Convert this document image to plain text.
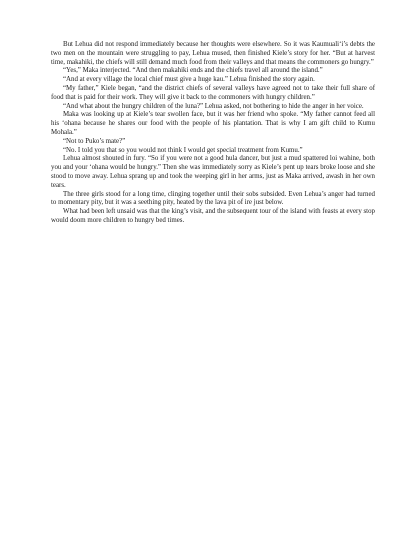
But Lehua did not respond immediately because her thoughts were elsewhere. So it was Kaumuali‘i’s debts the two men on the mountain were struggling to pay, Lehua mused, then finished Kiele’s story for her. “But at harvest time, makahiki, the chiefs will still demand much food from their valleys and that means the commoners go hungry.”

“Yes,” Maka interjected. “And then makahiki ends and the chiefs travel all around the island.”

“And at every village the local chief must give a huge kau.” Lehua finished the story again.

“My father,” Kiele began, “and the district chiefs of several valleys have agreed not to take their full share of food that is paid for their work. They will give it back to the commoners with hungry children.”

“And what about the hungry children of the luna?” Lehua asked, not bothering to hide the anger in her voice.

Maka was looking up at Kiele’s tear swollen face, but it was her friend who spoke. “My father cannot feed all his ‘ohana because he shares our food with the people of his plantation. That is why I am gift child to Kumu Mohala.”

“Not to Puko’s mate?”

“No. I told you that so you would not think I would get special treatment from Kumu.”

Lehua almost shouted in fury. “So if you were not a good hula dancer, but just a mud spattered loi wahine, both you and your ‘ohana would be hungry.” Then she was immediately sorry as Kiele’s pent up tears broke loose and she stood to move away. Lehua sprang up and took the weeping girl in her arms, just as Maka arrived, awash in her own tears.

The three girls stood for a long time, clinging together until their sobs subsided. Even Lehua’s anger had turned to momentary pity, but it was a seething pity, heated by the lava pit of ire just below.

What had been left unsaid was that the king’s visit, and the subsequent tour of the island with feasts at every stop would doom more children to hungry bed times.
